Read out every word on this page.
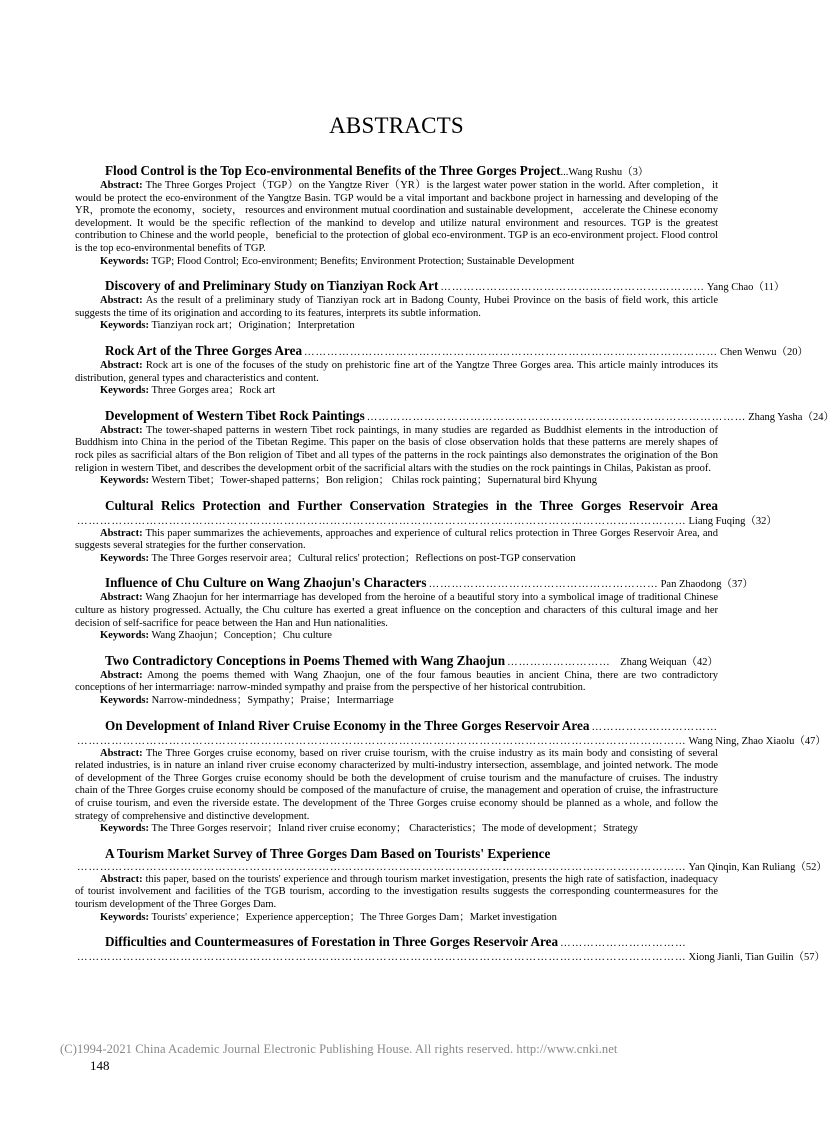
ABSTRACTS
Flood Control is the Top Eco-environmental Benefits of the Three Gorges Project ...Wang Rushu（3）

Abstract: The Three Gorges Project（TGP）on the Yangtze River（YR）is the largest water power station in the world. After completion，it would be protect the eco-environment of the Yangtze Basin. TGP would be a vital important and backbone project in harnessing and developing of the YR，promote the economy，society， resources and environment mutual coordination and sustainable development， accelerate the Chinese economy development. It would be the specific reflection of the mankind to develop and utilize natural environment and resources. TGP is the greatest contribution to Chinese and the world people，beneficial to the protection of global eco-environment. TGP is an eco-environment project. Flood control is the top eco-environmental benefits of TGP.

Keywords: TGP; Flood Control; Eco-environment; Benefits; Environment Protection; Sustainable Development

Discovery of and Preliminary Study on Tianziyan Rock Art …………………………………………………………… Yang Chao（11）

Abstract: As the result of a preliminary study of Tianziyan rock art in Badong County, Hubei Province on the basis of field work, this article suggests the time of its origination and according to its features, interprets its subtle information.

Keywords: Tianziyan rock art；Origination；Interpretation

Rock Art of the Three Gorges Area ……………………………………………………………………………………………… Chen Wenwu（20）

Abstract: Rock art is one of the focuses of the study on prehistoric fine art of the Yangtze Three Gorges area. This article mainly introduces its distribution, general types and characteristics and content.

Keywords: Three Gorges area；Rock art

Development of Western Tibet Rock Paintings ……………………………………………………………………………………… Zhang Yasha（24）

Abstract: The tower-shaped patterns in western Tibet rock paintings, in many studies are regarded as Buddhist elements in the introduction of Buddhism into China in the period of the Tibetan Regime. This paper on the basis of close observation holds that these patterns are merely shapes of rock piles as sacrificial altars of the Bon religion of Tibet and all types of the patterns in the rock paintings also demonstrates the origination of the Bon religion in western Tibet, and describes the development orbit of the sacrificial altars with the studies on the rock paintings in Chilas, Pakistan as proof.

Keywords: Western Tibet；Tower-shaped patterns；Bon religion； Chilas rock painting；Supernatural bird Khyung

Cultural Relics Protection and Further Conservation Strategies in the Three Gorges Reservoir Area
…………………………………………………………………………………………………………………………………………… Liang Fuqing（32）

Abstract: This paper summarizes the achievements, approaches and experience of cultural relics protection in Three Gorges Reservoir Area, and suggests several strategies for the further conservation.

Keywords: The Three Gorges reservoir area；Cultural relics' protection；Reflections on post-TGP conservation

Influence of Chu Culture on Wang Zhaojun's Characters …………………………………………………… Pan Zhaodong（37）

Abstract: Wang Zhaojun for her intermarriage has developed from the heroine of a beautiful story into a symbolical image of traditional Chinese culture as history progressed. Actually, the Chu culture has exerted a great influence on the conception and characters of this cultural image and her decision of self-sacrifice for peace between the Han and Hun nationalities.

Keywords: Wang Zhaojun；Conception；Chu culture

Two Contradictory Conceptions in Poems Themed with Wang Zhaojun ……………………… Zhang Weiquan（42）

Abstract: Among the poems themed with Wang Zhaojun, one of the four famous beauties in ancient China, there are two contradictory conceptions of her intermarriage: narrow-minded sympathy and praise from the perspective of her historical contrubition.

Keywords: Narrow-mindedness；Sympathy；Praise；Intermarriage

On Development of Inland River Cruise Economy in the Three Gorges Reservoir Area ……………………………
…………………………………………………………………………………………………………………………………………… Wang Ning, Zhao Xiaolu（47）

Abstract: The Three Gorges cruise economy, based on river cruise tourism, with the cruise industry as its main body and consisting of several related industries, is in nature an inland river cruise economy characterized by multi-industry intersection, assemblage, and jointed network. The mode of development of the Three Gorges cruise economy should be both the development of cruise tourism and the manufacture of cruises. The industry chain of the Three Gorges cruise economy should be composed of the manufacture of cruise, the management and operation of cruise, the infrastructure of cruise tourism, and even the riverside estate. The development of the Three Gorges cruise economy should be planned as a whole, and follow the strategy of comprehensive and distinctive development.

Keywords: The Three Gorges reservoir；Inland river cruise economy； Characteristics；The mode of development；Strategy

A Tourism Market Survey of Three Gorges Dam Based on Tourists' Experience
…………………………………………………………………………………………………………………………………………… Yan Qinqin, Kan Ruliang（52）

Abstract: this paper, based on the tourists' experience and through tourism market investigation, presents the high rate of satisfaction, inadequacy of tourist involvement and facilities of the TGB tourism, according to the investigation results suggests the corresponding countermeasures for the tourism development of the Three Gorges Dam.

Keywords: Tourists' experience；Experience apperception；The Three Gorges Dam；Market investigation

Difficulties and Countermeasures of Forestation in Three Gorges Reservoir Area ……………………………
…………………………………………………………………………………………………………………………………………… Xiong Jianli, Tian Guilin（57）
148
(C)1994-2021 China Academic Journal Electronic Publishing House. All rights reserved. http://www.cnki.net
